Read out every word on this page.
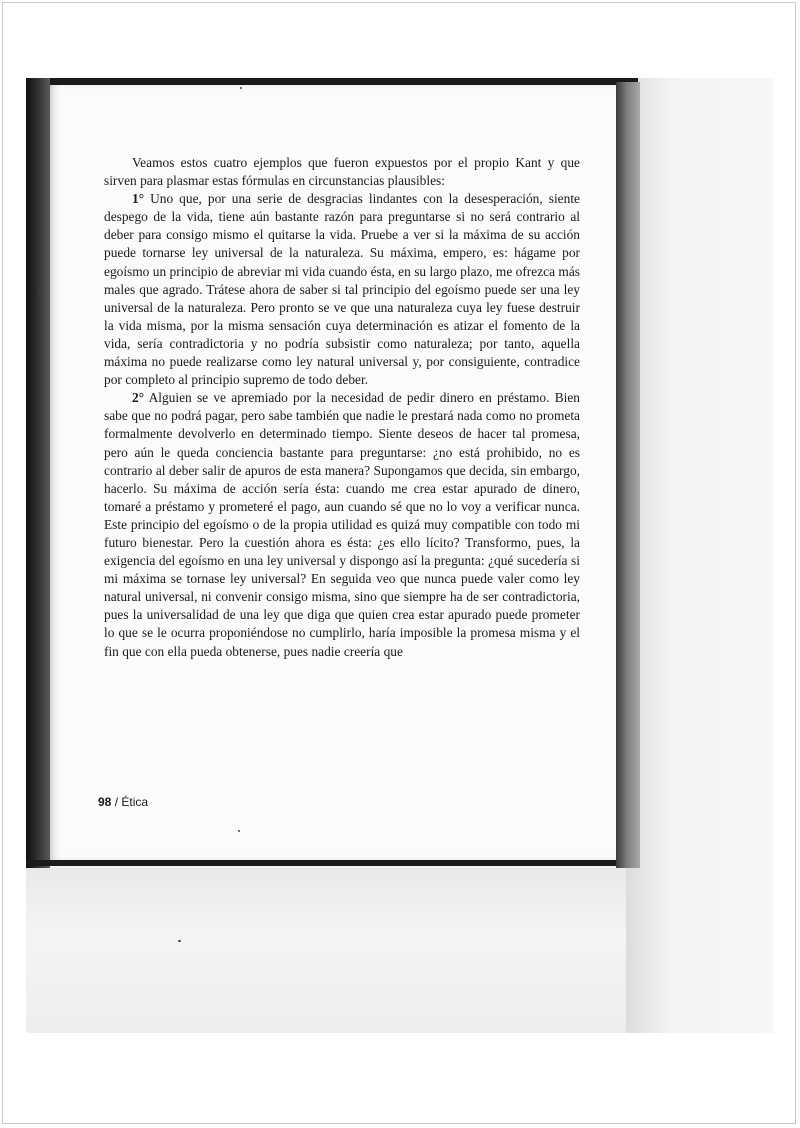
Veamos estos cuatro ejemplos que fueron expuestos por el propio Kant y que sirven para plasmar estas fórmulas en circunstancias plausibles:

1° Uno que, por una serie de desgracias lindantes con la desesperación, siente despego de la vida, tiene aún bastante razón para preguntarse si no será contrario al deber para consigo mismo el quitarse la vida. Pruebe a ver si la máxima de su acción puede tornarse ley universal de la naturaleza. Su máxima, empero, es: hágame por egoísmo un principio de abreviar mi vida cuando ésta, en su largo plazo, me ofrezca más males que agrado. Trátese ahora de saber si tal principio del egoísmo puede ser una ley universal de la naturaleza. Pero pronto se ve que una naturaleza cuya ley fuese destruir la vida misma, por la misma sensación cuya determinación es atizar el fomento de la vida, sería contradictoria y no podría subsistir como naturaleza; por tanto, aquella máxima no puede realizarse como ley natural universal y, por consiguiente, contradice por completo al principio supremo de todo deber.

2° Alguien se ve apremiado por la necesidad de pedir dinero en préstamo. Bien sabe que no podrá pagar, pero sabe también que nadie le prestará nada como no prometa formalmente devolverlo en determinado tiempo. Siente deseos de hacer tal promesa, pero aún le queda conciencia bastante para preguntarse: ¿no está prohibido, no es contrario al deber salir de apuros de esta manera? Supongamos que decida, sin embargo, hacerlo. Su máxima de acción sería ésta: cuando me crea estar apurado de dinero, tomaré a préstamo y prometeré el pago, aun cuando sé que no lo voy a verificar nunca. Este principio del egoísmo o de la propia utilidad es quizá muy compatible con todo mi futuro bienestar. Pero la cuestión ahora es ésta: ¿es ello lícito? Transformo, pues, la exigencia del egoísmo en una ley universal y dispongo así la pregunta: ¿qué sucedería si mi máxima se tornase ley universal? En seguida veo que nunca puede valer como ley natural universal, ni convenir consigo misma, sino que siempre ha de ser contradictoria, pues la universalidad de una ley que diga que quien crea estar apurado puede prometer lo que se le ocurra proponiéndose no cumplirlo, haría imposible la promesa misma y el fin que con ella pueda obtenerse, pues nadie creería que

98 / Ética
